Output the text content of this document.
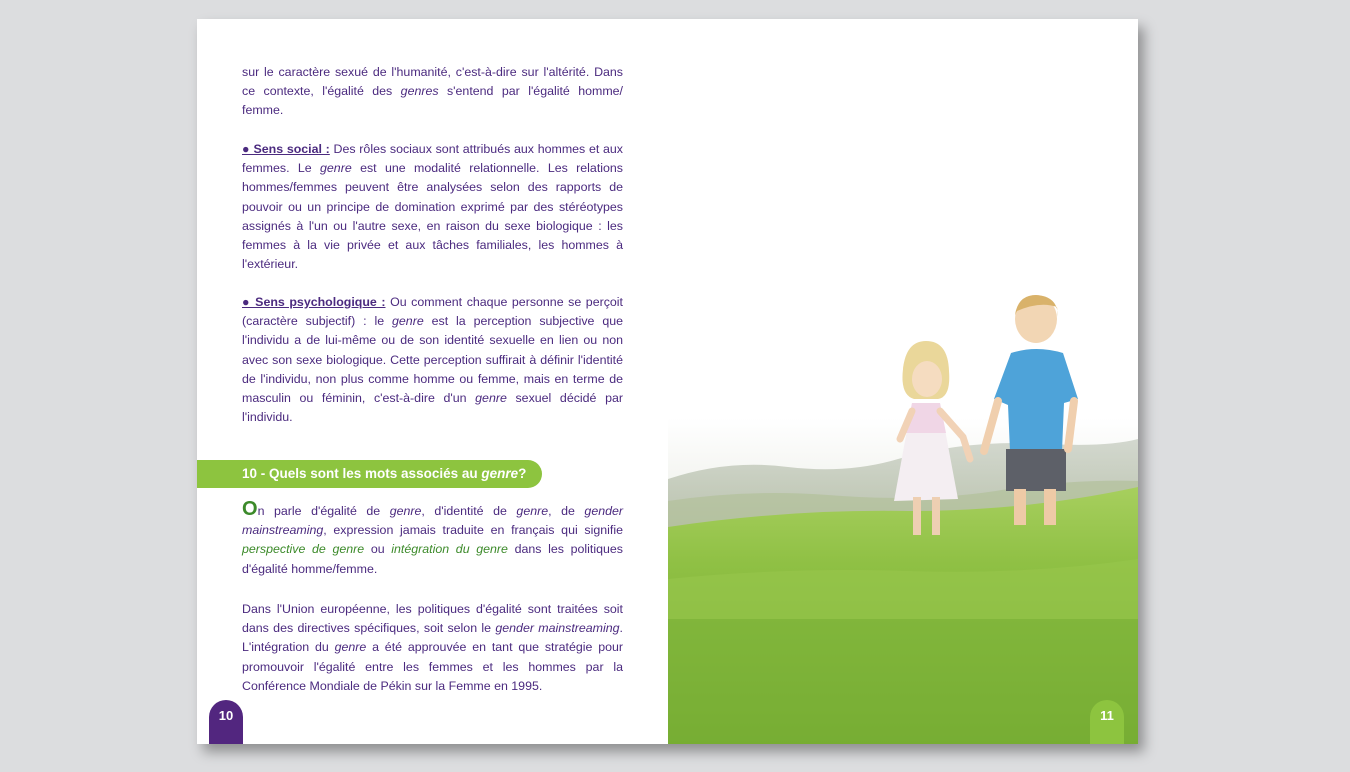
sur le caractère sexué de l'humanité, c'est-à-dire sur l'altérité. Dans ce contexte, l'égalité des genres s'entend par l'égalité homme/ femme.

● Sens social : Des rôles sociaux sont attribués aux hommes et aux femmes. Le genre est une modalité relationnelle. Les relations hommes/femmes peuvent être analysées selon des rapports de pouvoir ou un principe de domination exprimé par des stéréotypes assignés à l'un ou l'autre sexe, en raison du sexe biologique : les femmes à la vie privée et aux tâches familiales, les hommes à l'extérieur.

● Sens psychologique : Ou comment chaque personne se perçoit (caractère subjectif) : le genre est la perception subjective que l'individu a de lui-même ou de son identité sexuelle en lien ou non avec son sexe biologique. Cette perception suffirait à définir l'identité de l'individu, non plus comme homme ou femme, mais en terme de masculin ou féminin, c'est-à-dire d'un genre sexuel décidé par l'individu.

10 - Quels sont les mots associés au genre?

On parle d'égalité de genre, d'identité de genre, de gender mainstreaming, expression jamais traduite en français qui signifie perspective de genre ou intégration du genre dans les politiques d'égalité homme/femme.

Dans l'Union européenne, les politiques d'égalité sont traitées soit dans des directives spécifiques, soit selon le gender mainstreaming. L'intégration du genre a été approuvée en tant que stratégie pour promouvoir l'égalité entre les femmes et les hommes par la Conférence Mondiale de Pékin sur la Femme en 1995.

10	11
